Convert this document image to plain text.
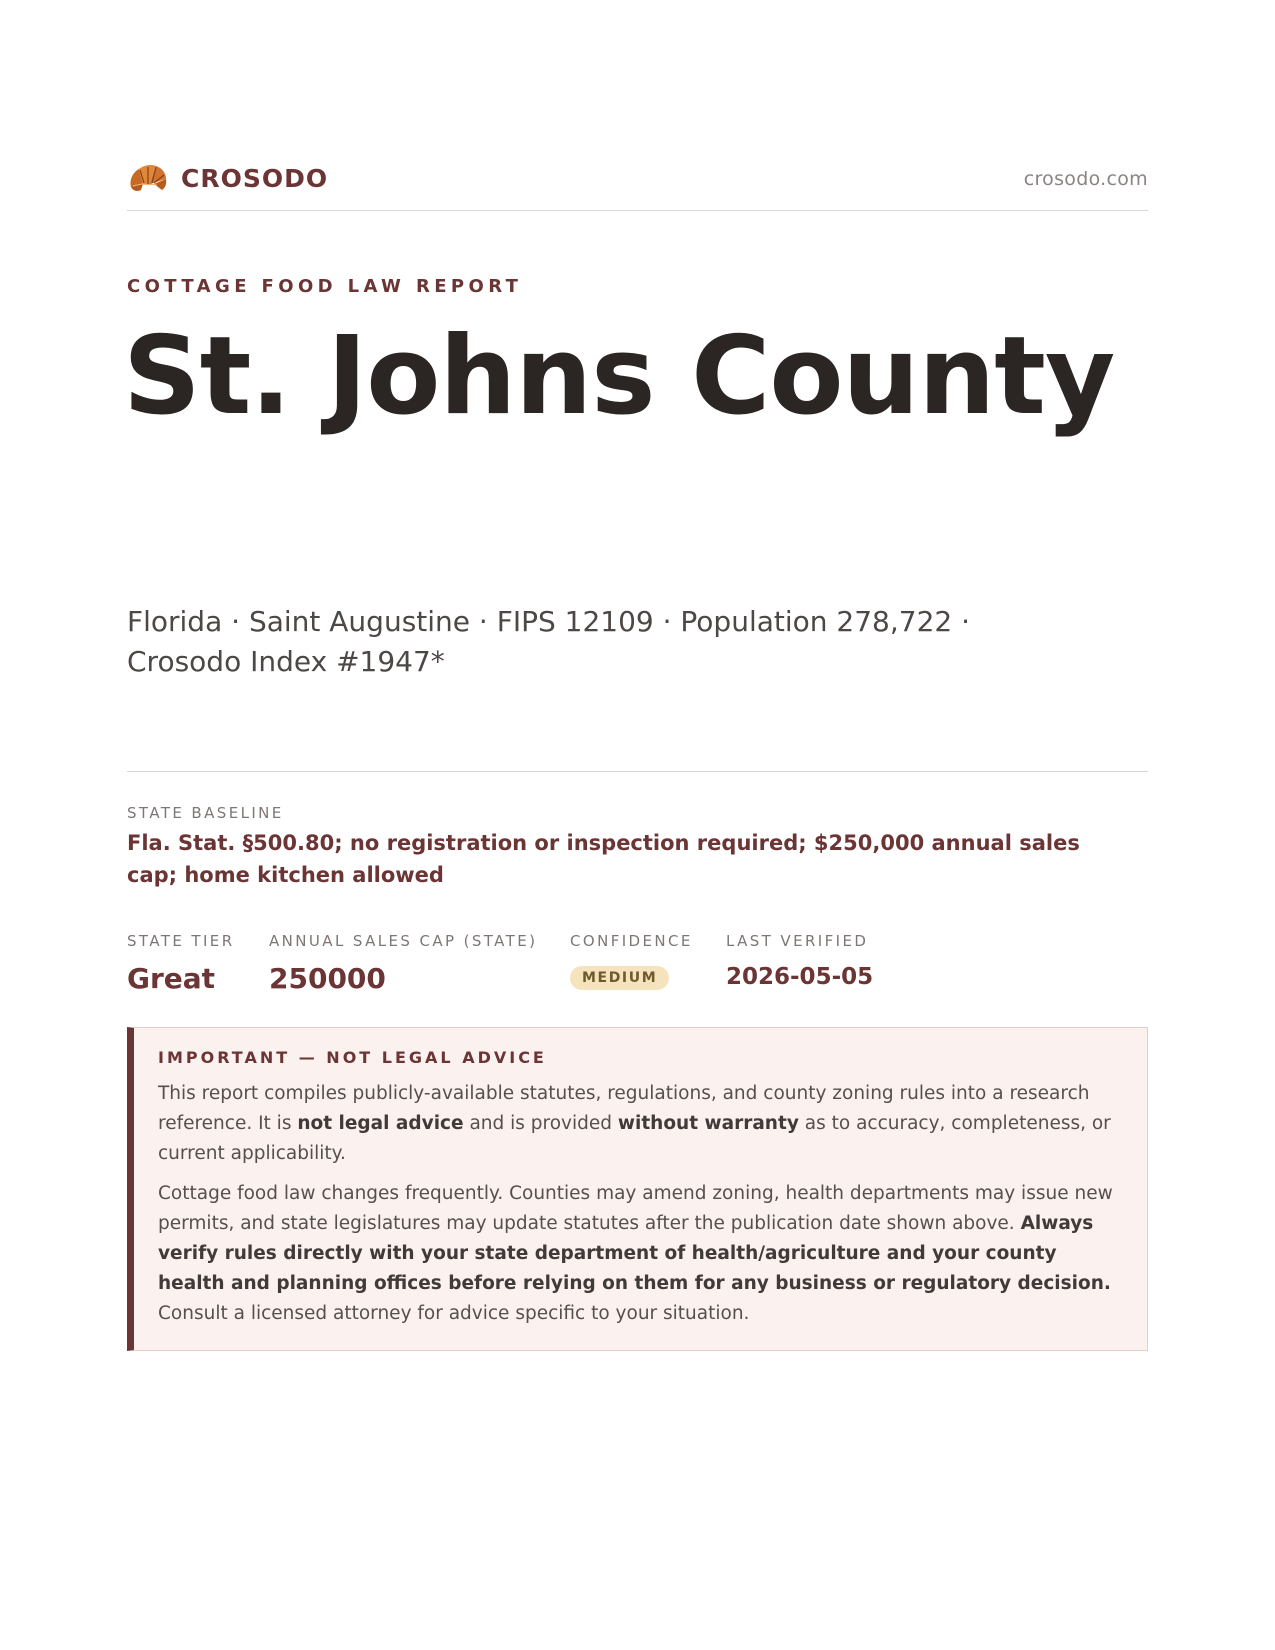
CROSODO	crosodo.com
COTTAGE FOOD LAW REPORT
St. Johns County
Florida · Saint Augustine · FIPS 12109 · Population 278,722 ·
Crosodo Index #1947*
STATE BASELINE
Fla. Stat. §500.80; no registration or inspection required; $250,000 annual sales cap; home kitchen allowed
STATE TIER
Great
ANNUAL SALES CAP (STATE)
250000
CONFIDENCE
MEDIUM
LAST VERIFIED
2026-05-05
IMPORTANT — NOT LEGAL ADVICE

This report compiles publicly-available statutes, regulations, and county zoning rules into a research reference. It is not legal advice and is provided without warranty as to accuracy, completeness, or current applicability.

Cottage food law changes frequently. Counties may amend zoning, health departments may issue new permits, and state legislatures may update statutes after the publication date shown above. Always verify rules directly with your state department of health/agriculture and your county health and planning offices before relying on them for any business or regulatory decision. Consult a licensed attorney for advice specific to your situation.
